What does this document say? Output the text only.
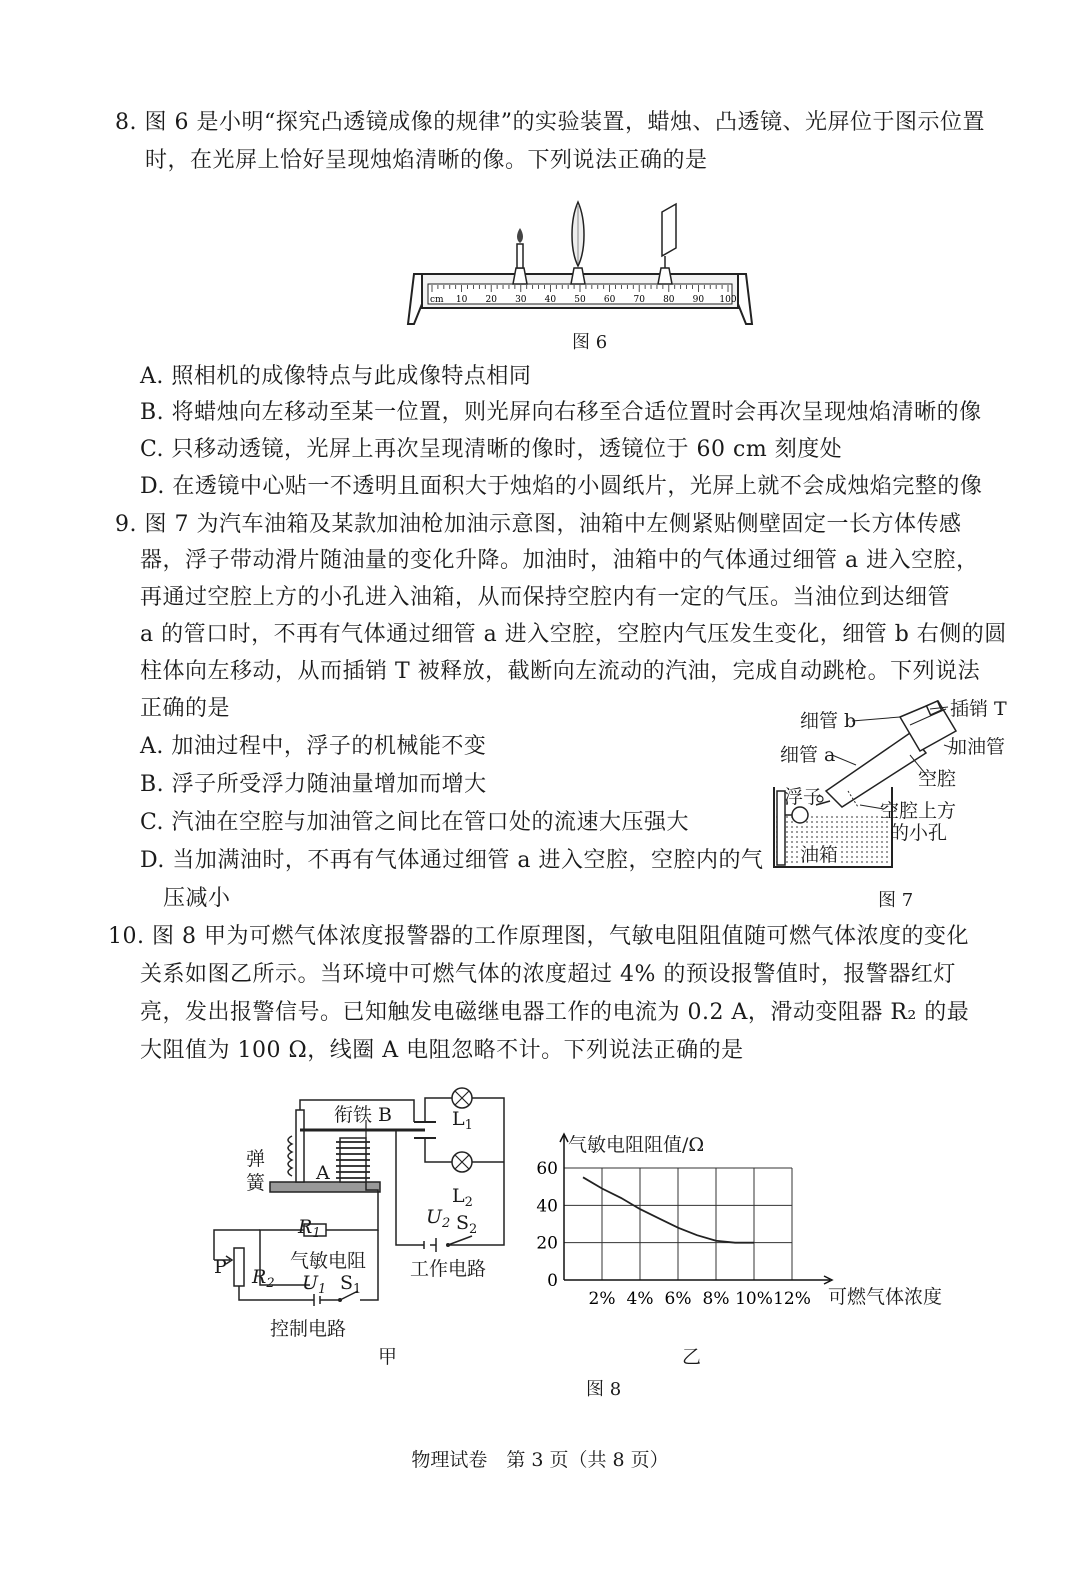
8. 图 6 是小明“探究凸透镜成像的规律”的实验装置，蜡烛、凸透镜、光屏位于图示位置
时，在光屏上恰好呈现烛焰清晰的像。下列说法正确的是
cm 10 20 30 40 50 60 70 80 90 100
图 6
A. 照相机的成像特点与此成像特点相同
B. 将蜡烛向左移动至某一位置，则光屏向右移至合适位置时会再次呈现烛焰清晰的像
C. 只移动透镜，光屏上再次呈现清晰的像时，透镜位于 60 cm 刻度处
D. 在透镜中心贴一不透明且面积大于烛焰的小圆纸片，光屏上就不会成烛焰完整的像
9. 图 7 为汽车油箱及某款加油枪加油示意图，油箱中左侧紧贴侧壁固定一长方体传感
器，浮子带动滑片随油量的变化升降。加油时，油箱中的气体通过细管 a 进入空腔，
再通过空腔上方的小孔进入油箱，从而保持空腔内有一定的气压。当油位到达细管
a 的管口时，不再有气体通过细管 a 进入空腔，空腔内气压发生变化，细管 b 右侧的圆
柱体向左移动，从而插销 T 被释放，截断向左流动的汽油，完成自动跳枪。下列说法
正确的是
A. 加油过程中，浮子的机械能不变
B. 浮子所受浮力随油量增加而增大
C. 汽油在空腔与加油管之间比在管口处的流速大压强大
D. 当加满油时，不再有气体通过细管 a 进入空腔，空腔内的气
压减小
细管 b
插销 T
细管 a	加油管
空腔
浮子
空腔上方
的小孔
油箱
图 7
10. 图 8 甲为可燃气体浓度报警器的工作原理图，气敏电阻阻值随可燃气体浓度的变化
关系如图乙所示。当环境中可燃气体的浓度超过 4% 的预设报警值时，报警器红灯
亮，发出报警信号。已知触发电磁继电器工作的电流为 0.2 A，滑动变阻器 R₂ 的最
大阻值为 100 Ω，线圈 A 电阻忽略不计。下列说法正确的是
衔铁 B
弹
簧	A
$L_1$
$L_2$
$R_1$
气敏电阻
P $R_2$ $U_1$ $S_1$
$U_2$ $S_2$
工作电路
控制电路
甲
0
20
40
60
2% 4% 6% 8% 10% 12%
气敏电阻阻值/Ω
可燃气体浓度
乙
图 8
物理试卷　第 3 页（共 8 页）
